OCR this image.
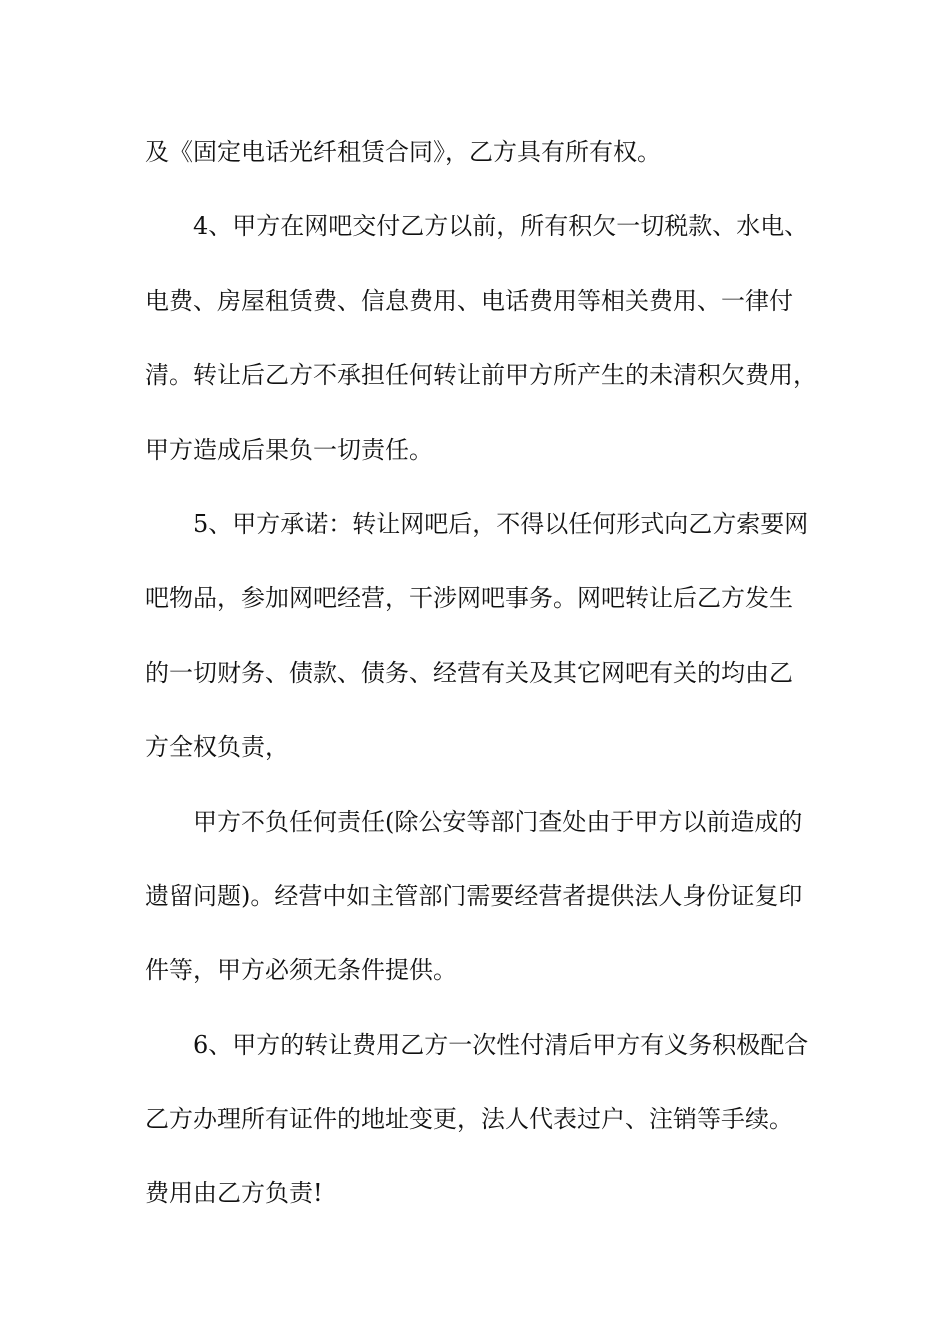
及《固定电话光纤租赁合同》，乙方具有所有权。
4、甲方在网吧交付乙方以前，所有积欠一切税款、水电、
电费、房屋租赁费、信息费用、电话费用等相关费用、一律付
清。转让后乙方不承担任何转让前甲方所产生的未清积欠费用，
甲方造成后果负一切责任。
5、甲方承诺：转让网吧后，不得以任何形式向乙方索要网
吧物品，参加网吧经营，干涉网吧事务。网吧转让后乙方发生
的一切财务、债款、债务、经营有关及其它网吧有关的均由乙
方全权负责，
甲方不负任何责任(除公安等部门查处由于甲方以前造成的
遗留问题)。经营中如主管部门需要经营者提供法人身份证复印
件等，甲方必须无条件提供。
6、甲方的转让费用乙方一次性付清后甲方有义务积极配合
乙方办理所有证件的地址变更，法人代表过户、注销等手续。
费用由乙方负责!
